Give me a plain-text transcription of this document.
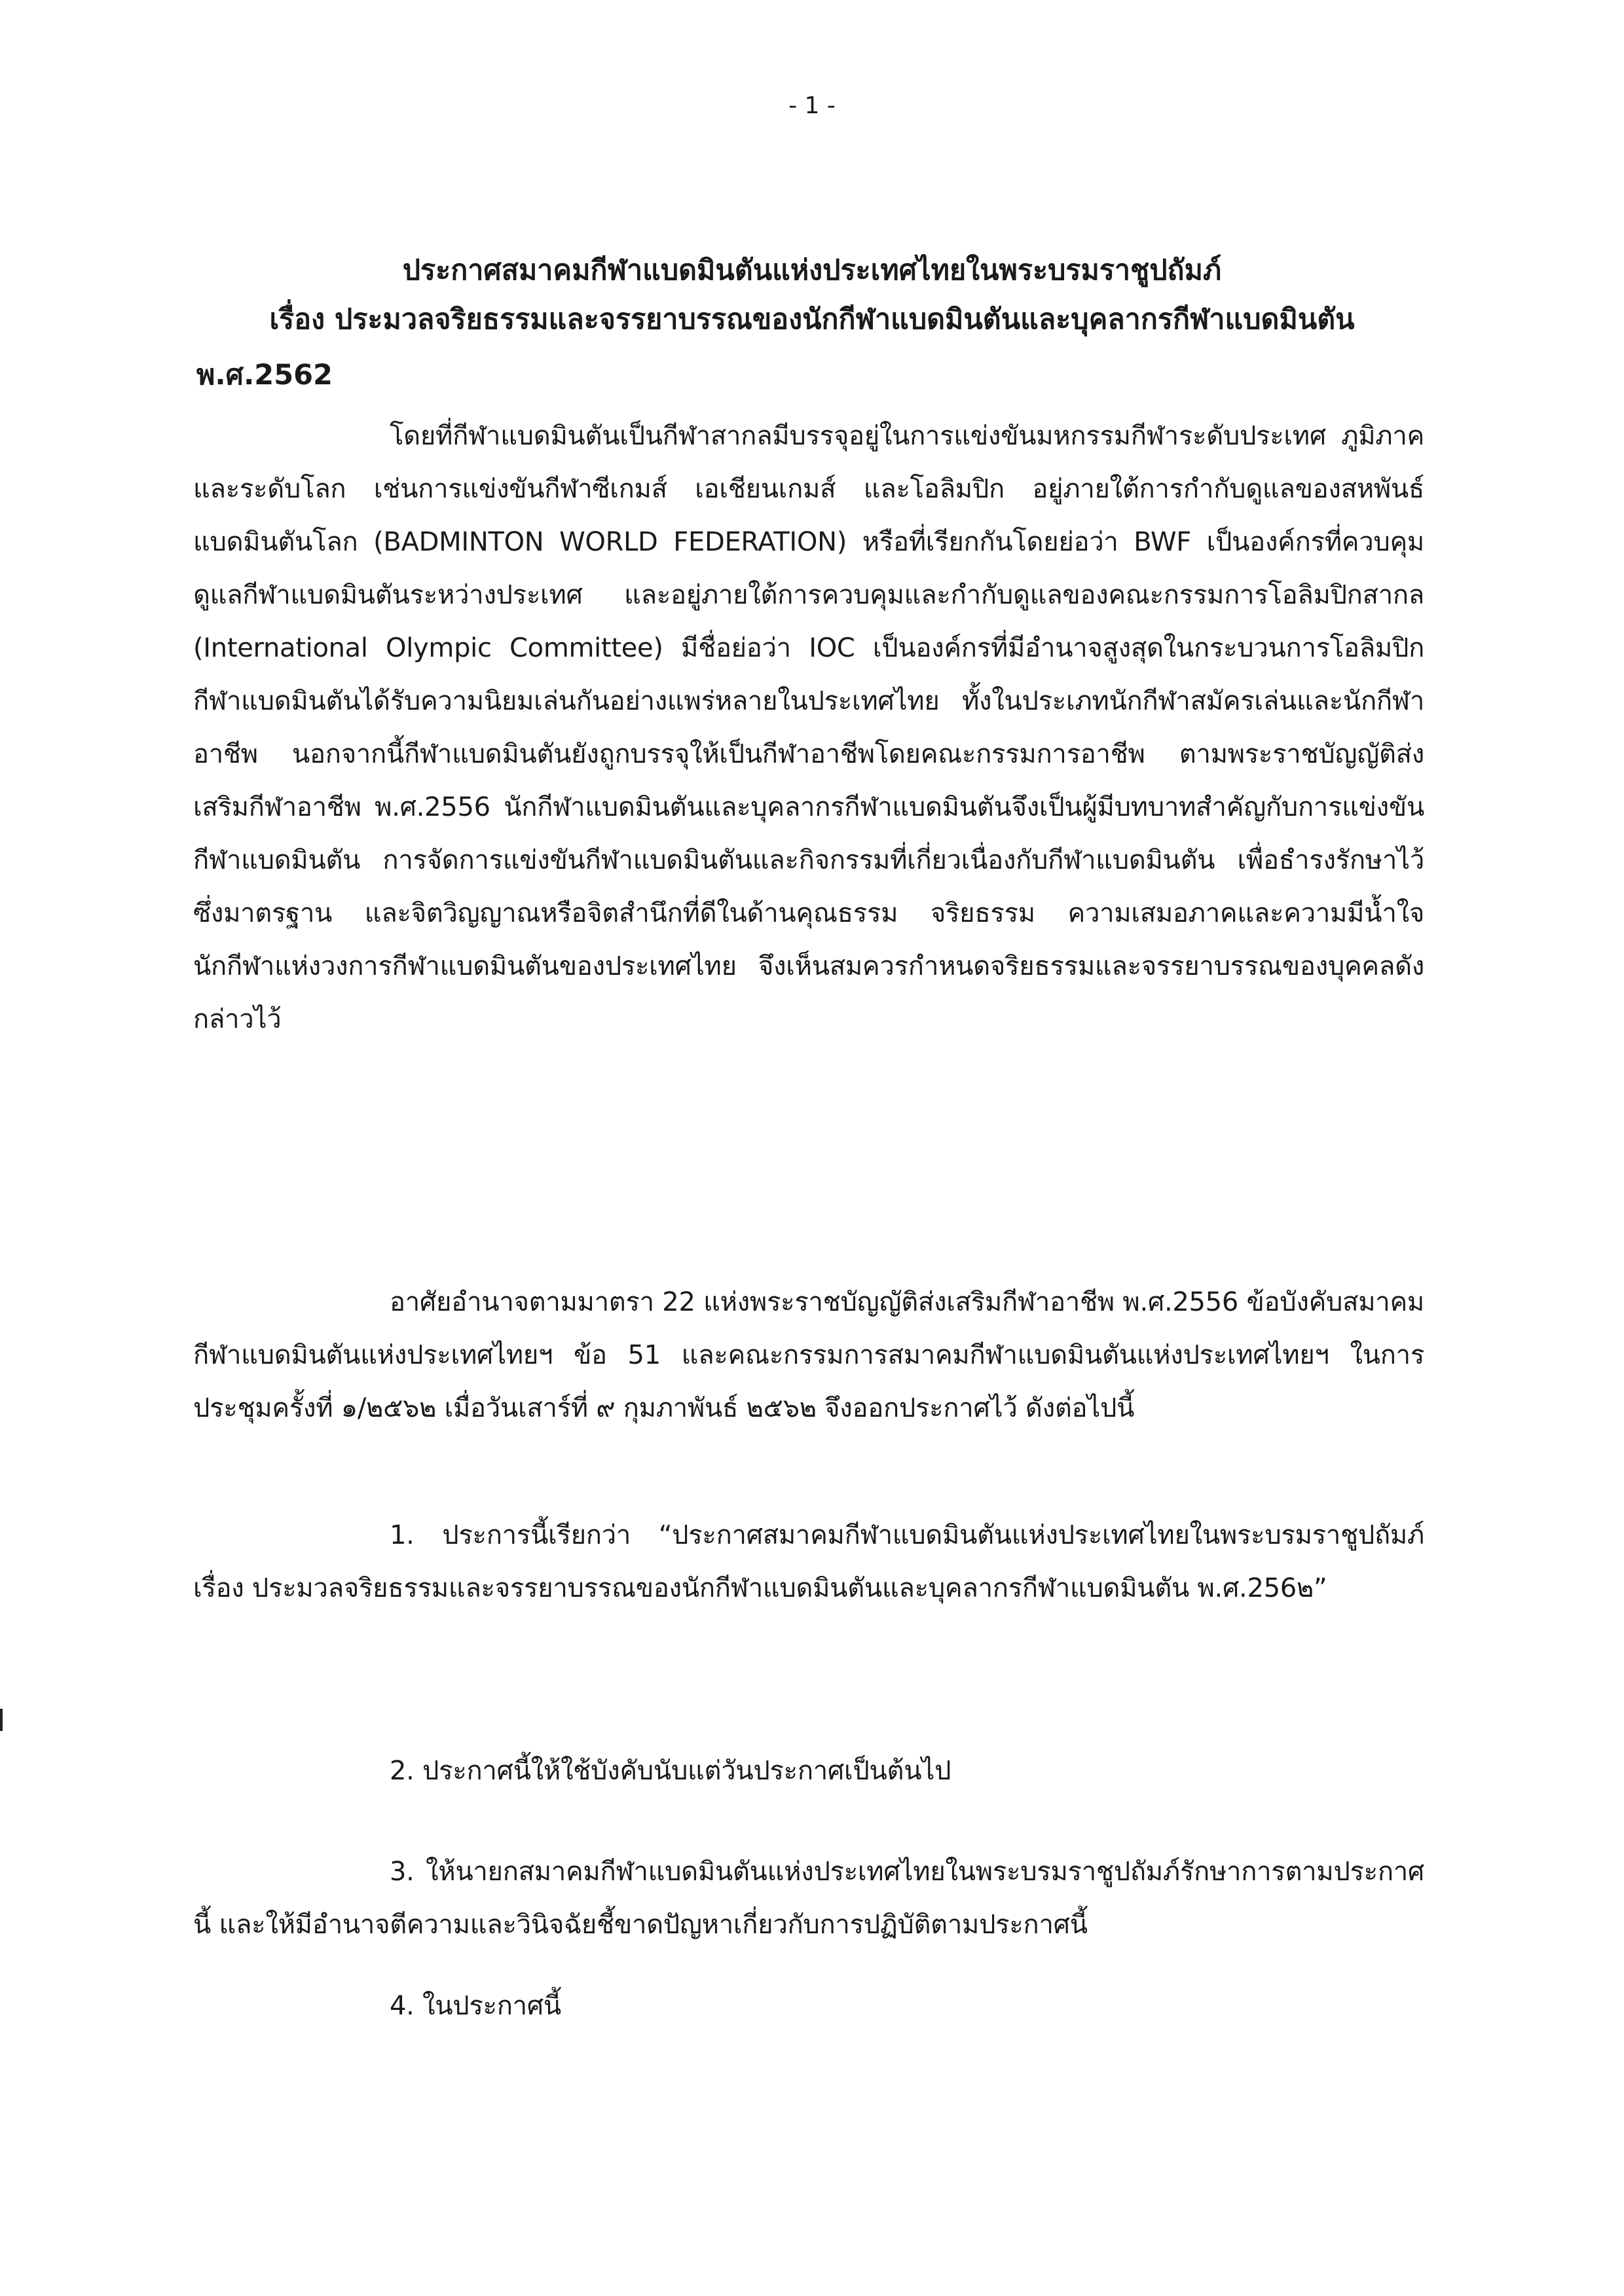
- 1 -
ประกาศสมาคมกีฬาแบดมินตันแห่งประเทศไทยในพระบรมราชูปถัมภ์
เรื่อง ประมวลจริยธรรมและจรรยาบรรณของนักกีฬาแบดมินตันและบุคลากรกีฬาแบดมินตัน
พ.ศ.2562
โดยที่กีฬาแบดมินตันเป็นกีฬาสากลมีบรรจุอยู่ในการแข่งขันมหกรรมกีฬาระดับประเทศ ภูมิภาค และระดับโลก เช่นการแข่งขันกีฬาซีเกมส์ เอเชียนเกมส์ และโอลิมปิก อยู่ภายใต้การกำกับดูแลของสหพันธ์แบดมินตันโลก (BADMINTON WORLD FEDERATION) หรือที่เรียกกันโดยย่อว่า BWF เป็นองค์กรที่ควบคุมดูแลกีฬาแบดมินตันระหว่างประเทศ และอยู่ภายใต้การควบคุมและกำกับดูแลของคณะกรรมการโอลิมปิกสากล (International Olympic Committee) มีชื่อย่อว่า IOC เป็นองค์กรที่มีอำนาจสูงสุดในกระบวนการโอลิมปิก กีฬาแบดมินตันได้รับความนิยมเล่นกันอย่างแพร่หลายในประเทศไทย ทั้งในประเภทนักกีฬาสมัครเล่นและนักกีฬาอาชีพ นอกจากนี้กีฬาแบดมินตันยังถูกบรรจุให้เป็นกีฬาอาชีพโดยคณะกรรมการอาชีพ ตามพระราชบัญญัติส่งเสริมกีฬาอาชีพ พ.ศ.2556 นักกีฬาแบดมินตันและบุคลากรกีฬาแบดมินตันจึงเป็นผู้มีบทบาทสำคัญกับการแข่งขันกีฬาแบดมินตัน การจัดการแข่งขันกีฬาแบดมินตันและกิจกรรมที่เกี่ยวเนื่องกับกีฬาแบดมินตัน เพื่อธำรงรักษาไว้ซึ่งมาตรฐาน และจิตวิญญาณหรือจิตสำนึกที่ดีในด้านคุณธรรม จริยธรรม ความเสมอภาคและความมีน้ำใจนักกีฬาแห่งวงการกีฬาแบดมินตันของประเทศไทย จึงเห็นสมควรกำหนดจริยธรรมและจรรยาบรรณของบุคคลดังกล่าวไว้
อาศัยอำนาจตามมาตรา 22 แห่งพระราชบัญญัติส่งเสริมกีฬาอาชีพ พ.ศ.2556 ข้อบังคับสมาคมกีฬาแบดมินตันแห่งประเทศไทยฯ ข้อ 51 และคณะกรรมการสมาคมกีฬาแบดมินตันแห่งประเทศไทยฯ ในการประชุมครั้งที่ ๑/๒๕๖๒ เมื่อวันเสาร์ที่ ๙ กุมภาพันธ์ ๒๕๖๒ จึงออกประกาศไว้ ดังต่อไปนี้
1. ประการนี้เรียกว่า “ประกาศสมาคมกีฬาแบดมินตันแห่งประเทศไทยในพระบรมราชูปถัมภ์ เรื่อง ประมวลจริยธรรมและจรรยาบรรณของนักกีฬาแบดมินตันและบุคลากรกีฬาแบดมินตัน พ.ศ.256๒”
2. ประกาศนี้ให้ใช้บังคับนับแต่วันประกาศเป็นต้นไป
3. ให้นายกสมาคมกีฬาแบดมินตันแห่งประเทศไทยในพระบรมราชูปถัมภ์รักษาการตามประกาศนี้ และให้มีอำนาจตีความและวินิจฉัยชี้ขาดปัญหาเกี่ยวกับการปฏิบัติตามประกาศนี้
4. ในประกาศนี้
